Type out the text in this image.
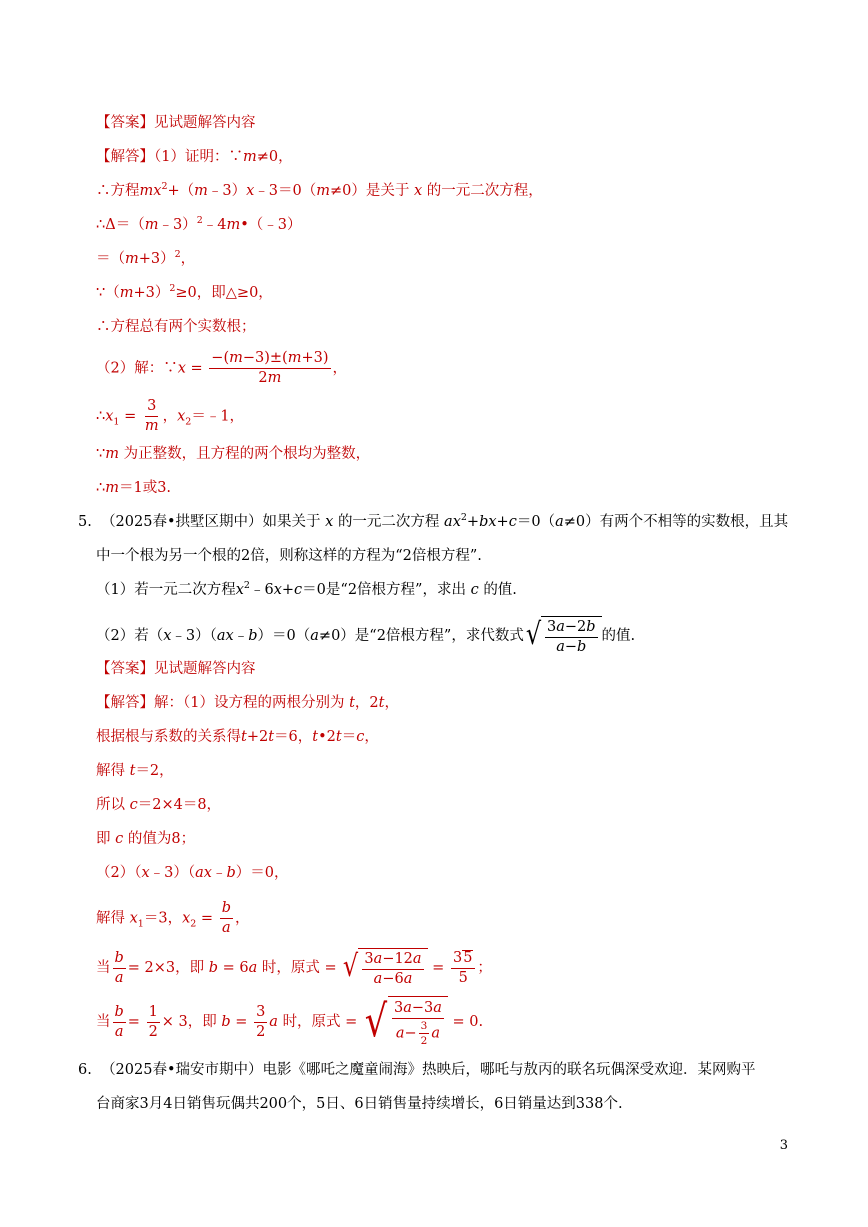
【答案】见试题解答内容
【解答】（1）证明：∵m≠0，
∴方程$mx^2+(m﹣3)x﹣3=0(m\ne 0)$是关于 x 的一元二次方程，
∴Δ＝（m﹣3）$^2$﹣4m•（﹣3）
$=(m+3)^2$，
$\because(m+3)^2\ge 0$，即△≥0，
∴方程总有两个实数根；
（2）解：∵x = $\frac{-(m-3)\pm(m+3)}{2m}$ ，
$\therefore x_1 = \frac{3}{m}$ ，$x_2=﹣1$，
∵m 为正整数，且方程的两个根均为整数，
∴m＝1或3.
5. （2025春•拱墅区期中）如果关于 x 的一元二次方程 $ax^2+bx+c=0(a\ne 0)$有两个不相等的实数根，且其
中一个根为另一个根的2倍，则称这样的方程为“2倍根方程”.
（1）若一元二次方程$x^2﹣6x+c=0$是“2倍根方程”，求出 c 的值.
（2）若（x﹣3）（ax﹣b）＝0（a≠0）是“2倍根方程”，求代数式 √ $\frac{3a-2b}{a-b}$ 的值.
【答案】见试题解答内容
【解答】解：（1）设方程的两根分别为 t，2t，
根据根与系数的关系得t+2t＝6，t•2t＝c，
解得 t＝2，
所以 c＝2×4＝8，
即 c 的值为8；
（2）（x﹣3）（ax﹣b）＝0，
解得 $x_1=3$，$x_2 = \frac{b}{a}$ ，
当 $\frac{b}{a} = 2\times 3$，即 b = 6a 时，原式 = √ $\frac{3a-12a}{a-6a} = \frac{35}{5}$ ；
当 $\frac{b}{a} = \frac{1}{2} \times 3$，即 $b = \frac{3}{2}$ a 时，原式 = √ $\frac{3a-3a}{a- \frac{3}{2} a} = 0$.
6. （2025春•瑞安市期中）电影《哪吒之魔童闹海》热映后，哪吒与敖丙的联名玩偶深受欢迎．某网购平
台商家3月4日销售玩偶共200个，5日、6日销售量持续增长，6日销量达到338个.
3
